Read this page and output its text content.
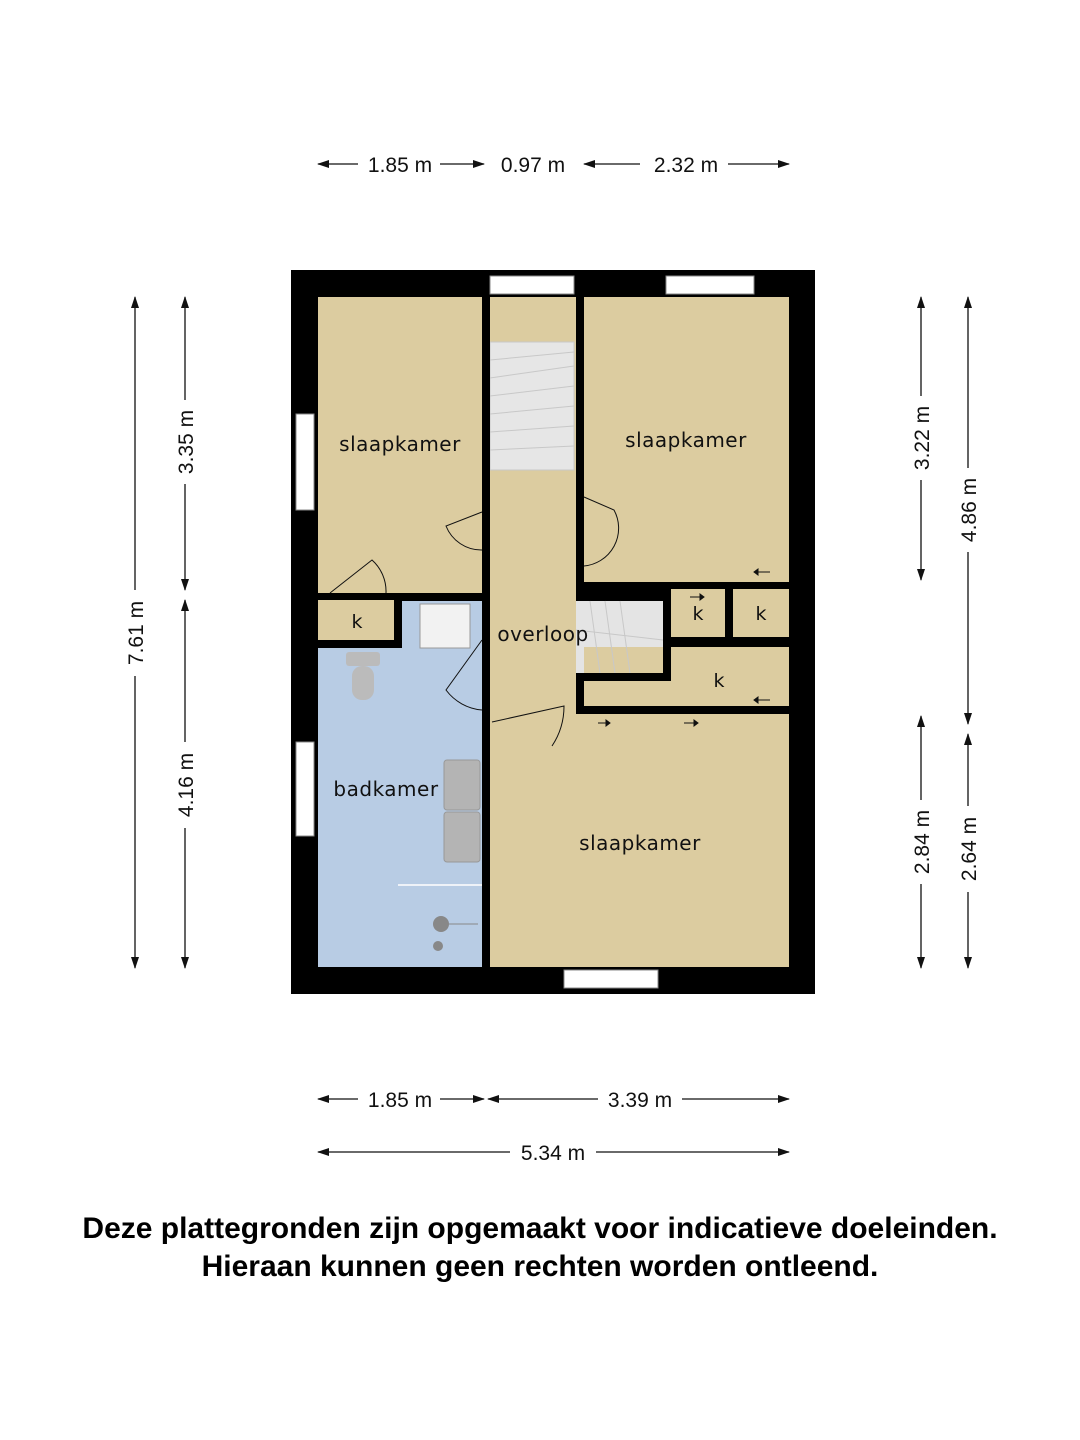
slaapkamer	slaapkamer
slaapkamer
badkamer
overloop
k	k	k
k
1.85 m	0.97 m	2.32 m
1.85 m	3.39 m
5.34 m
7.61 m
3.35 m
4.16 m
3.22 m
2.84 m
4.86 m
2.64 m

Deze plattegronden zijn opgemaakt voor indicatieve doeleinden.

Hieraan kunnen geen rechten worden ontleend.
